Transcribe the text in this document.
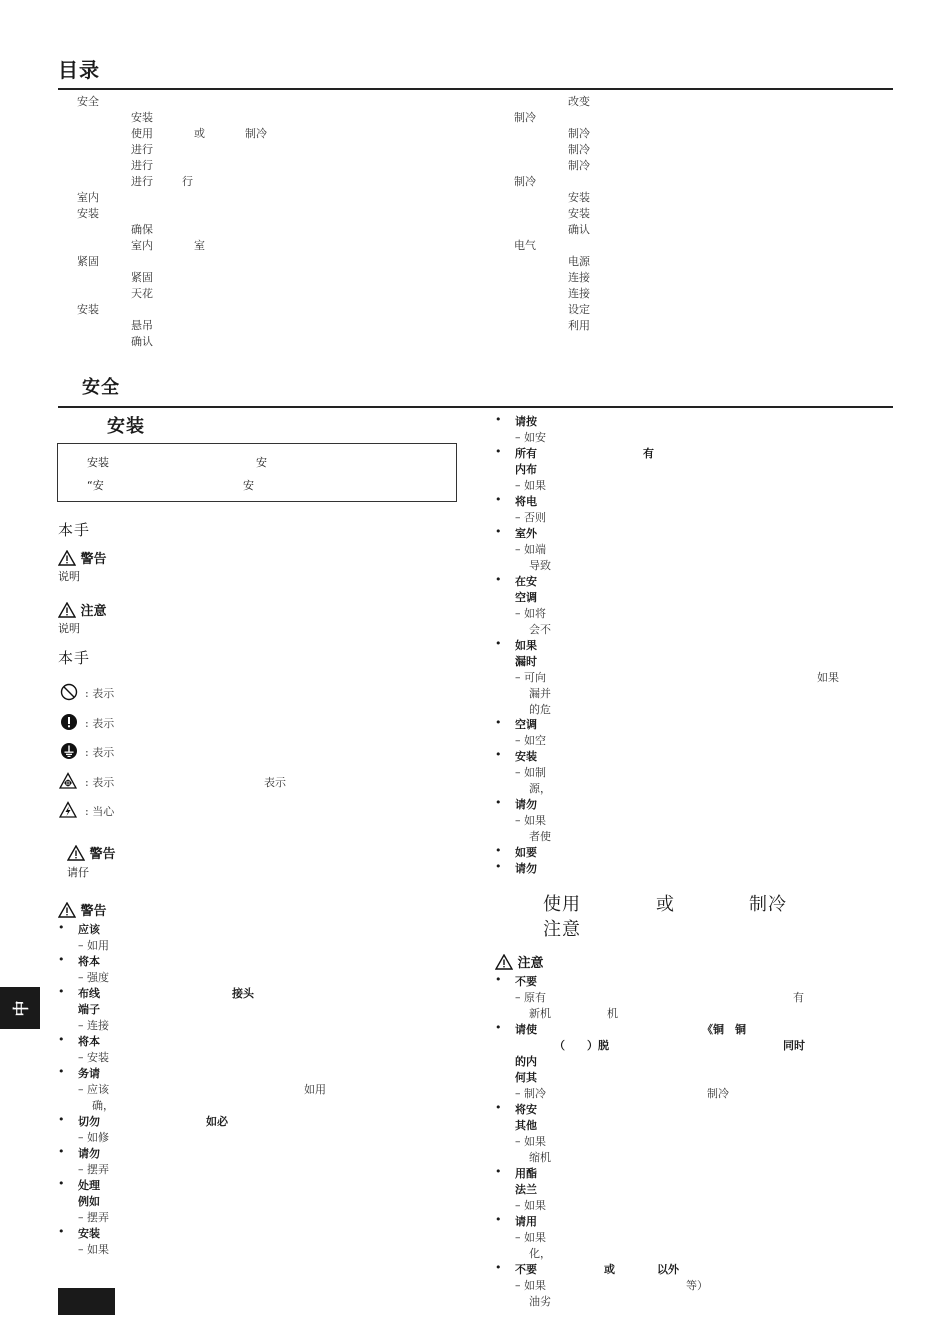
目录
安全
安装
使用	或	制冷
进行
进行
进行	行
室内
安装
确保
室内	室
紧固
紧固
天花
安装
悬吊
确认
改变
制冷
制冷
制冷
制冷
制冷
安装
安装
确认
电气
电源
连接
连接
设定
利用
安全
安装
安装	安
“安	安
本手
警告
说明
注意
说明
本手
: 表示
: 表示
: 表示
: 表示	表示
: 当心
警告
请仔
警告
• 应该
– 如用
• 将本
– 强度
• 布线	接头
端子
– 连接
• 将本
– 安装
• 务请
– 应该	如用
确，
• 切勿	如必
– 如修
• 请勿
– 摆弄
• 处理
例如
– 摆弄
• 安装
– 如果
• 请按
– 如安
• 所有	有
内布
– 如果
• 将电
– 否则
• 室外
– 如端
导致
• 在安
空调
– 如将
会不
• 如果
漏时
– 可向	如果
漏并
的危
• 空调
– 如空
• 安装
– 如制
源，
• 请勿
– 如果
者使
• 如要
• 请勿
使用	或	制冷
注意
注意
• 不要
– 原有	有
新机	机
• 请使	《铜　铜
（　　）脱	同时
的内
何其
– 制冷	制冷
• 将安
其他
– 如果
缩机
• 用酯
法兰
– 如果
• 请用
– 如果
化，
• 不要	或	以外
– 如果	等）
油劣
中
